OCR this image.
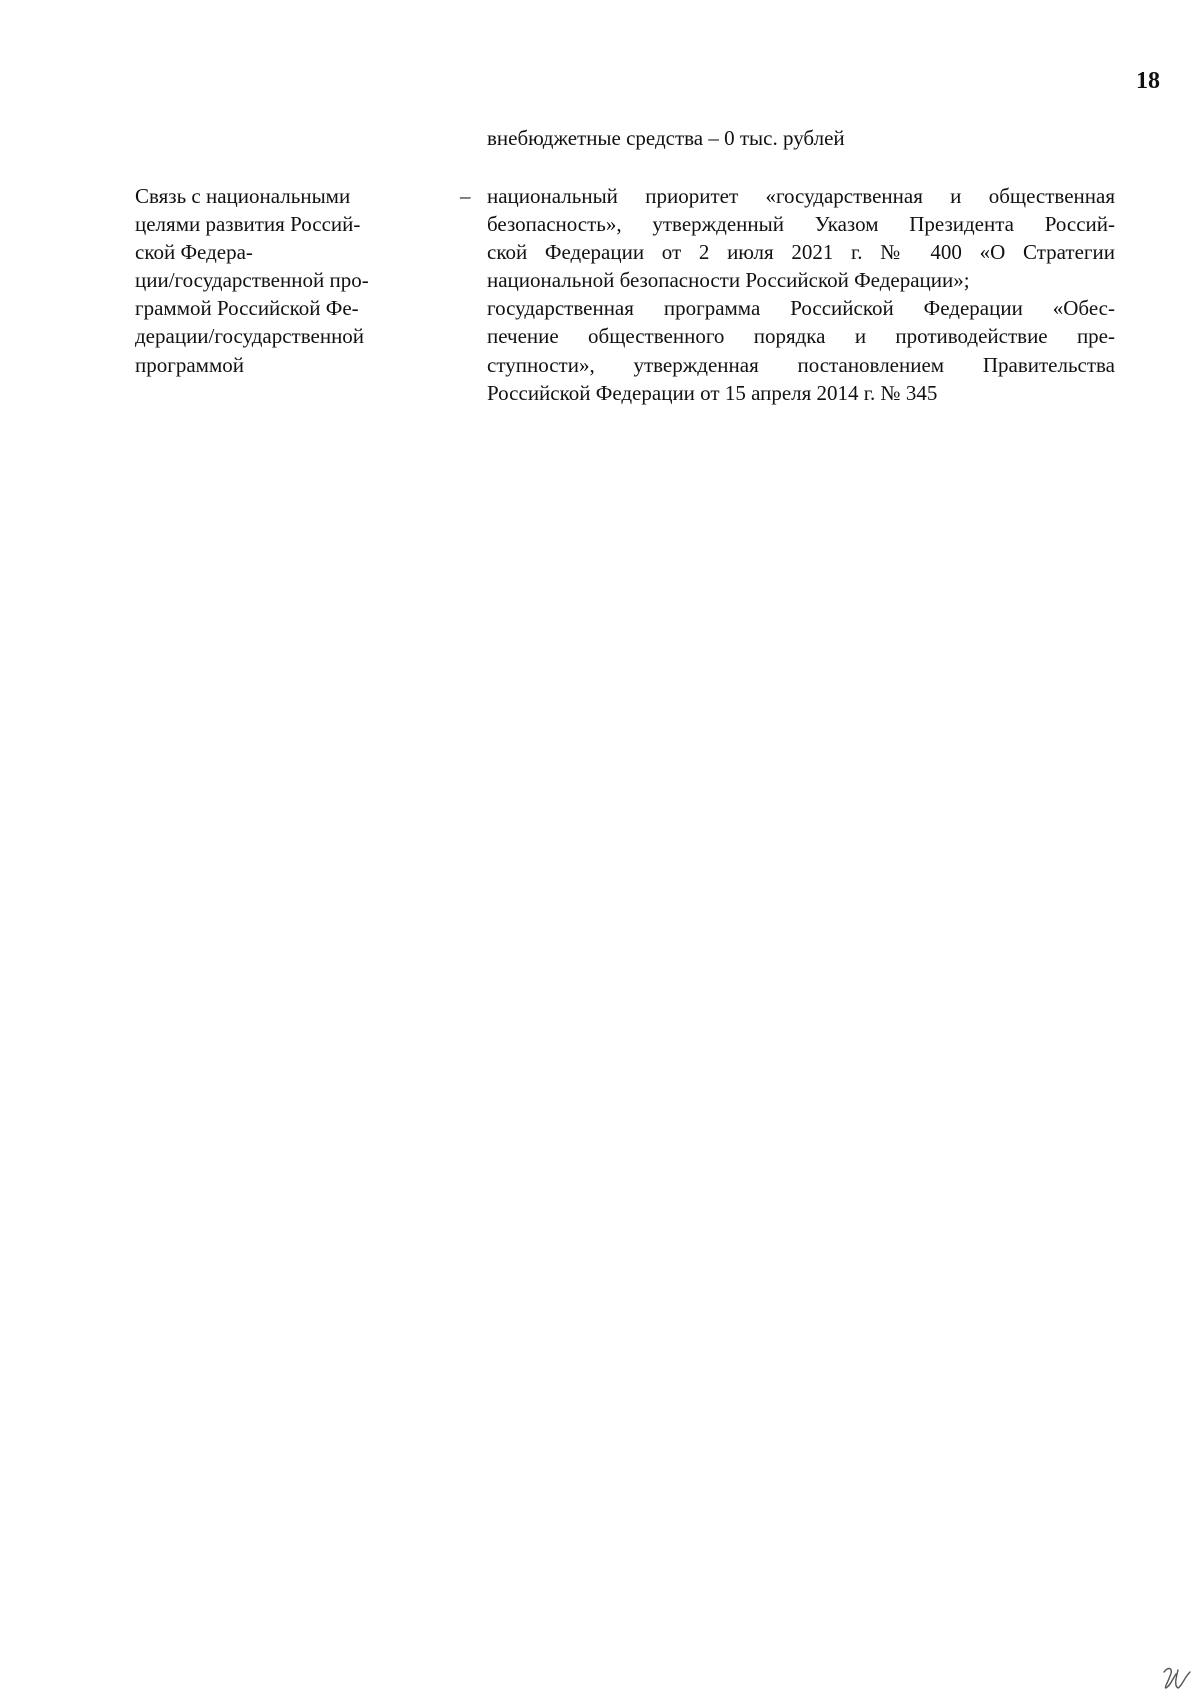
18
внебюджетные средства – 0 тыс. рублей
Связь с национальными
целями развития Россий-
ской Федера-
ции/государственной про-
граммой Российской Фе-
дерации/государственной
программой
– национальный приоритет «государственная и общественная
безопасность», утвержденный Указом Президента Россий-
ской Федерации от 2 июля 2021 г. № 400 «О Стратегии
национальной безопасности Российской Федерации»;
государственная программа Российской Федерации «Обес-
печение общественного порядка и противодействие пре-
ступности», утвержденная постановлением Правительства
Российской Федерации от 15 апреля 2014 г. № 345
